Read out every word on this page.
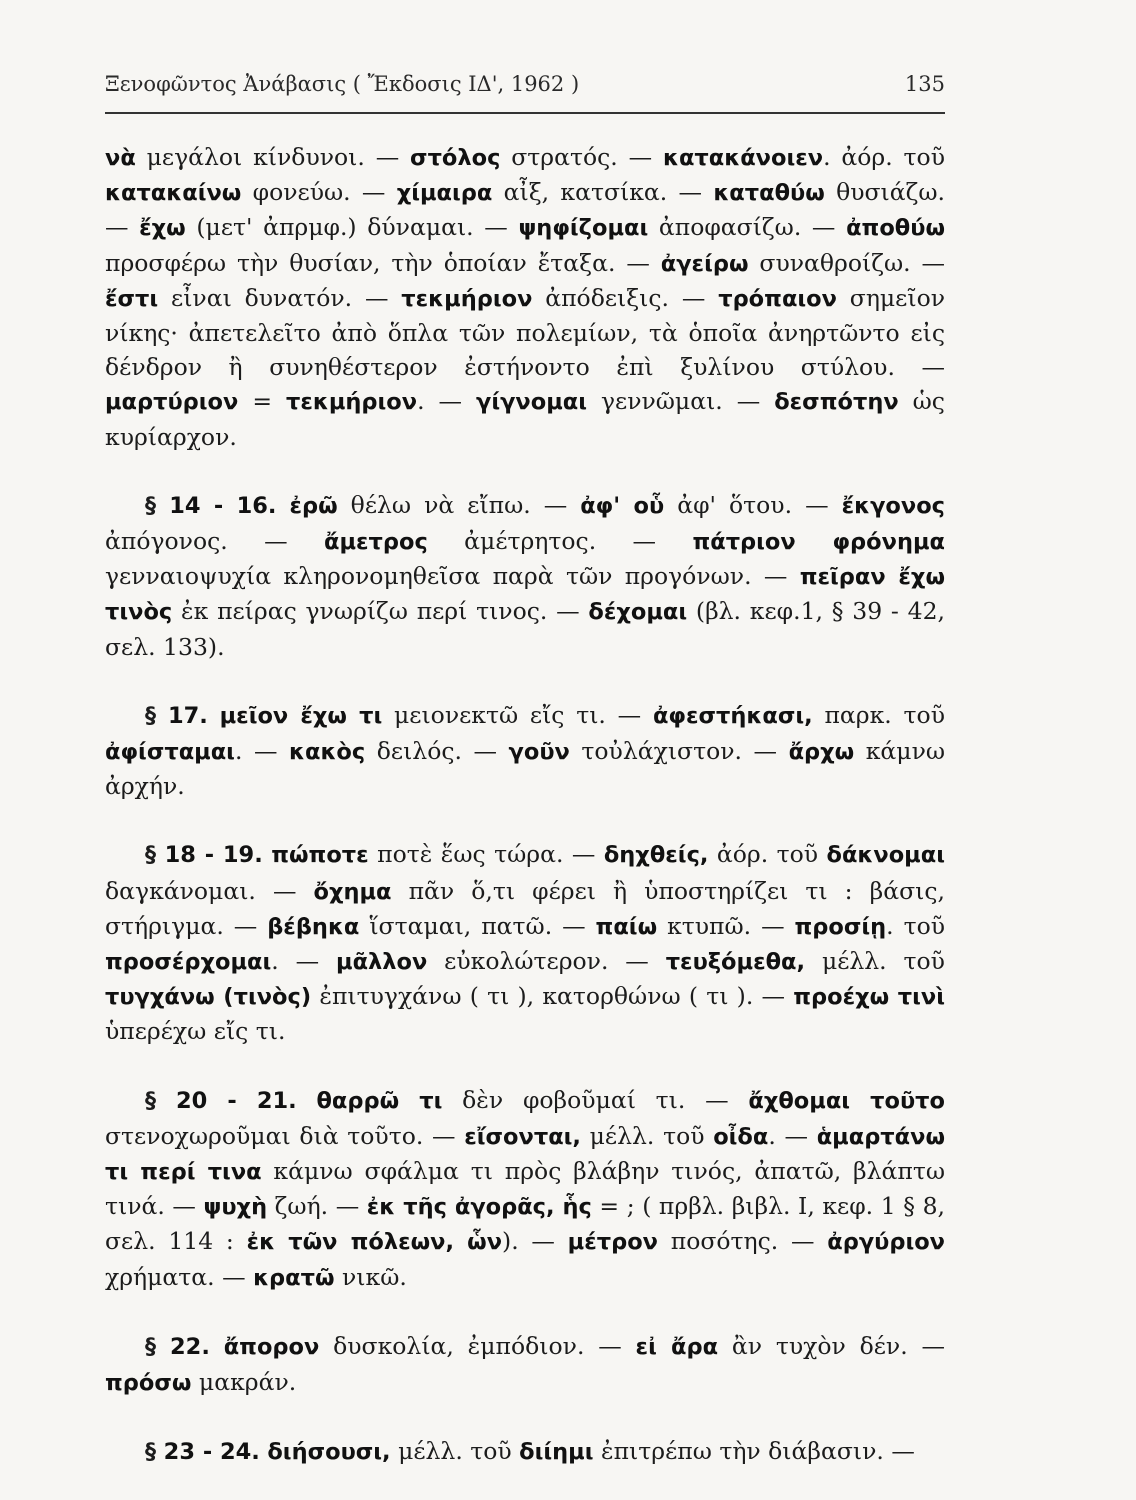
Ξενοφῶντος Ἀνάβασις ( Ἔκδοσις ΙΔ', 1962 )	135

νὰ μεγάλοι κίνδυνοι. — στόλος στρατός. — κατακάνοιεν. ἀόρ. τοῦ κατακαίνω φονεύω. — χίμαιρα αἶξ, κατσίκα. — καταθύω θυσιάζω. — ἔχω (μετ' ἀπρμφ.) δύναμαι. — ψηφίζομαι ἀποφασίζω. — ἀποθύω προσφέρω τὴν θυσίαν, τὴν ὁποίαν ἔταξα. — ἀγείρω συναθροίζω. — ἔστι εἶναι δυνατόν. — τεκμήριον ἀπόδειξις. — τρόπαιον σημεῖον νίκης· ἀπετελεῖτο ἀπὸ ὅπλα τῶν πολεμίων, τὰ ὁποῖα ἀνηρτῶντο εἰς δένδρον ἢ συνηθέστερον ἐστήνοντο ἐπὶ ξυλίνου στύλου. — μαρτύριον = τεκμήριον. — γίγνομαι γεννῶμαι. — δεσπότην ὡς κυρίαρχον.

§ 14 - 16. ἐρῶ θέλω νὰ εἴπω. — ἀφ' οὗ ἀφ' ὅτου. — ἔκγονος ἀπόγονος. — ἄμετρος ἀμέτρητος. — πάτριον φρόνημα γενναιοψυχία κληρονομηθεῖσα παρὰ τῶν προγόνων. — πεῖραν ἔχω τινὸς ἐκ πείρας γνωρίζω περί τινος. — δέχομαι (βλ. κεφ.1, § 39 - 42, σελ. 133).

§ 17. μεῖον ἔχω τι μειονεκτῶ εἴς τι. — ἀφεστήκασι, παρκ. τοῦ ἀφίσταμαι. — κακὸς δειλός. — γοῦν τοὐλάχιστον. — ἄρχω κάμνω ἀρχήν.

§ 18 - 19. πώποτε ποτὲ ἕως τώρα. — δηχθείς, ἀόρ. τοῦ δάκνομαι δαγκάνομαι. — ὄχημα πᾶν ὅ,τι φέρει ἢ ὑποστηρίζει τι : βάσις, στήριγμα. — βέβηκα ἵσταμαι, πατῶ. — παίω κτυπῶ. — προσίῃ. τοῦ προσέρχομαι. — μᾶλλον εὐκολώτερον. — τευξόμεθα, μέλλ. τοῦ τυγχάνω (τινὸς) ἐπιτυγχάνω ( τι ), κατορθώνω ( τι ). — προέχω τινὶ ὑπερέχω εἴς τι.

§ 20 - 21. θαρρῶ τι δὲν φοβοῦμαί τι. — ἄχθομαι τοῦτο στενοχωροῦμαι διὰ τοῦτο. — εἴσονται, μέλλ. τοῦ οἶδα. — ἁμαρτάνω τι περί τινα κάμνω σφάλμα τι πρὸς βλάβην τινός, ἀπατῶ, βλάπτω τινά. — ψυχὴ ζωή. — ἐκ τῆς ἀγορᾶς, ἧς = ; ( πρβλ. βιβλ. Ι, κεφ. 1 § 8, σελ. 114 : ἐκ τῶν πόλεων, ὧν). — μέτρον ποσότης. — ἀργύριον χρήματα. — κρατῶ νικῶ.

§ 22. ἄπορον δυσκολία, ἐμπόδιον. — εἰ ἄρα ἂν τυχὸν δέν. — πρόσω μακράν.

§ 23 - 24. διήσουσι, μέλλ. τοῦ διίημι ἐπιτρέπω τὴν διάβασιν. —
